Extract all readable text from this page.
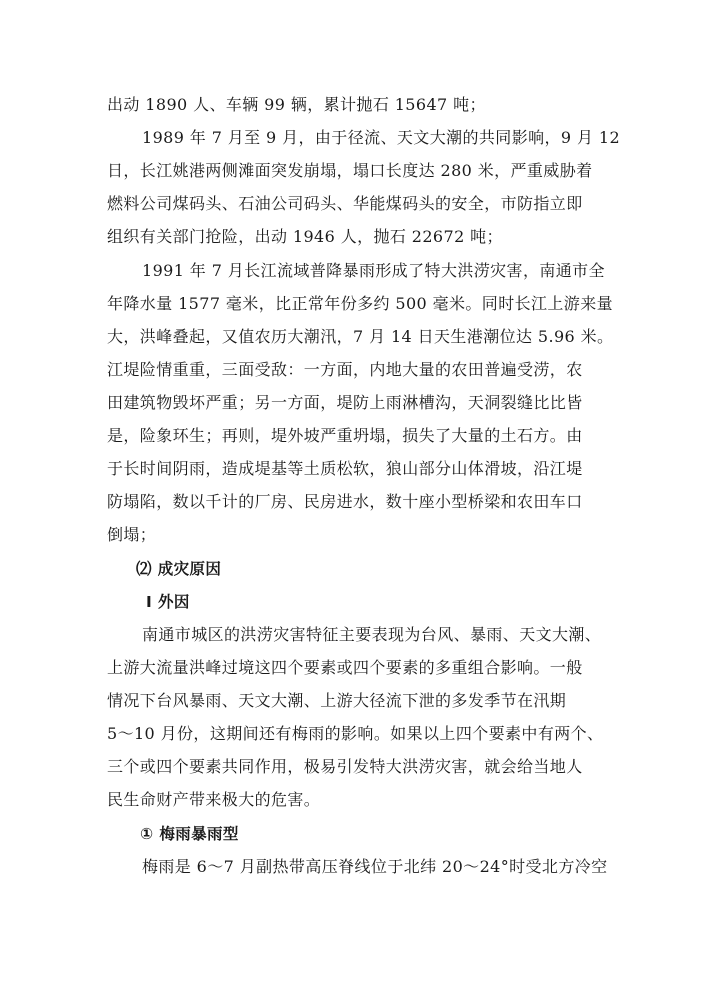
出动 1890 人、车辆 99 辆，累计抛石 15647 吨；
1989 年 7 月至 9 月，由于径流、天文大潮的共同影响，9 月 12
日，长江姚港两侧滩面突发崩塌，塌口长度达 280 米，严重威胁着
燃料公司煤码头、石油公司码头、华能煤码头的安全，市防指立即
组织有关部门抢险，出动 1946 人，抛石 22672 吨；
1991 年 7 月长江流域普降暴雨形成了特大洪涝灾害，南通市全
年降水量 1577 毫米，比正常年份多约 500 毫米。同时长江上游来量
大，洪峰叠起，又值农历大潮汛，7 月 14 日天生港潮位达 5.96 米。
江堤险情重重，三面受敌：一方面，内地大量的农田普遍受涝，农
田建筑物毁坏严重；另一方面，堤防上雨淋槽沟，天洞裂缝比比皆
是，险象环生；再则，堤外坡严重坍塌，损失了大量的土石方。由
于长时间阴雨，造成堤基等土质松软，狼山部分山体滑坡，沿江堤
防塌陷，数以千计的厂房、民房进水，数十座小型桥梁和农田车口
倒塌；
⑵ 成灾原因
Ⅰ 外因
南通市城区的洪涝灾害特征主要表现为台风、暴雨、天文大潮、
上游大流量洪峰过境这四个要素或四个要素的多重组合影响。一般
情况下台风暴雨、天文大潮、上游大径流下泄的多发季节在汛期
5～10 月份，这期间还有梅雨的影响。如果以上四个要素中有两个、
三个或四个要素共同作用，极易引发特大洪涝灾害，就会给当地人
民生命财产带来极大的危害。
① 梅雨暴雨型
梅雨是 6～7 月副热带高压脊线位于北纬 20～24°时受北方冷空
